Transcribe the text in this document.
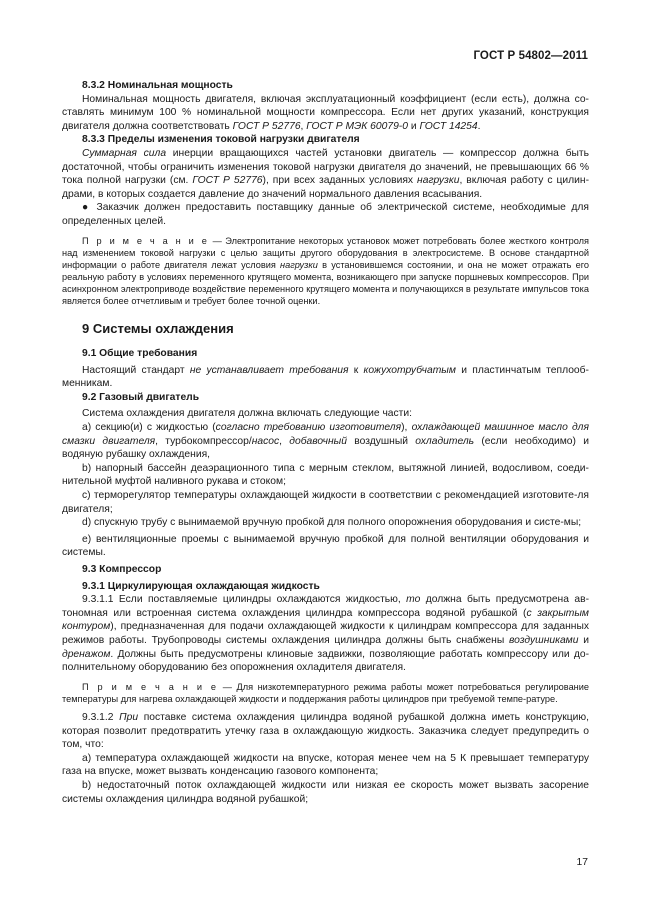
ГОСТ Р 54802—2011

8.3.2 Номинальная мощность

Номинальная мощность двигателя, включая эксплуатационный коэффициент (если есть), должна со-ставлять минимум 100 % номинальной мощности компрессора. Если нет других указаний, конструкция двигателя должна соответствовать ГОСТ Р 52776, ГОСТ Р МЭК 60079-0 и ГОСТ 14254.

8.3.3 Пределы изменения токовой нагрузки двигателя

Суммарная сила инерции вращающихся частей установки двигатель — компрессор должна быть достаточной, чтобы ограничить изменения токовой нагрузки двигателя до значений, не превышающих 66 % тока полной нагрузки (см. ГОСТ Р 52776), при всех заданных условиях нагрузки, включая работу с цилин-драми, в которых создается давление до значений нормального давления всасывания.

● Заказчик должен предоставить поставщику данные об электрической системе, необходимые для определенных целей.

П р и м е ч а н и е — Электропитание некоторых установок может потребовать более жесткого контроля над изменением токовой нагрузки с целью защиты другого оборудования в электросистеме. В основе стандартной информации о работе двигателя лежат условия нагрузки в установившемся состоянии, и она не может отражать его реальную работу в условиях переменного крутящего момента, возникающего при запуске поршневых компрессоров. При асинхронном электроприводе воздействие переменного крутящего момента и получающихся в результате импульсов тока является более отчетливым и требует более точной оценки.

9 Системы охлаждения

9.1 Общие требования

Настоящий стандарт не устанавливает требования к кожухотрубчатым и пластинчатым теплооб-менникам.

9.2 Газовый двигатель

Система охлаждения двигателя должна включать следующие части:

a) секцию(и) с жидкостью (согласно требованию изготовителя), охлаждающей машинное масло для смазки двигателя, турбокомпрессор/насос, добавочный воздушный охладитель (если необходимо) и водяную рубашку охлаждения,

b) напорный бассейн деаэрационного типа с мерным стеклом, вытяжной линией, водосливом, соеди-нительной муфтой наливного рукава и стоком;

c) терморегулятор температуры охлаждающей жидкости в соответствии с рекомендацией изготовите-ля двигателя;

d) спускную трубу с вынимаемой вручную пробкой для полного опорожнения оборудования и систе-мы;

e) вентиляционные проемы с вынимаемой вручную пробкой для полной вентиляции оборудования и системы.

9.3 Компрессор

9.3.1 Циркулирующая охлаждающая жидкость

9.3.1.1 Если поставляемые цилиндры охлаждаются жидкостью, то должна быть предусмотрена ав-тономная или встроенная система охлаждения цилиндра компрессора водяной рубашкой (с закрытым контуром), предназначенная для подачи охлаждающей жидкости к цилиндрам компрессора для заданных режимов работы. Трубопроводы системы охлаждения цилиндра должны быть снабжены воздушниками и дренажом. Должны быть предусмотрены клиновые задвижки, позволяющие работать компрессору или до-полнительному оборудованию без опорожнения охладителя двигателя.

П р и м е ч а н и е — Для низкотемпературного режима работы может потребоваться регулирование температуры для нагрева охлаждающей жидкости и поддержания работы цилиндров при требуемой темпе-ратуре.

9.3.1.2 При поставке система охлаждения цилиндра водяной рубашкой должна иметь конструкцию, которая позволит предотвратить утечку газа в охлаждающую жидкость. Заказчика следует предупредить о том, что:

a) температура охлаждающей жидкости на впуске, которая менее чем на 5 К превышает температуру газа на впуске, может вызвать конденсацию газового компонента;

b) недостаточный поток охлаждающей жидкости или низкая ее скорость может вызвать засорение системы охлаждения цилиндра водяной рубашкой;

17
